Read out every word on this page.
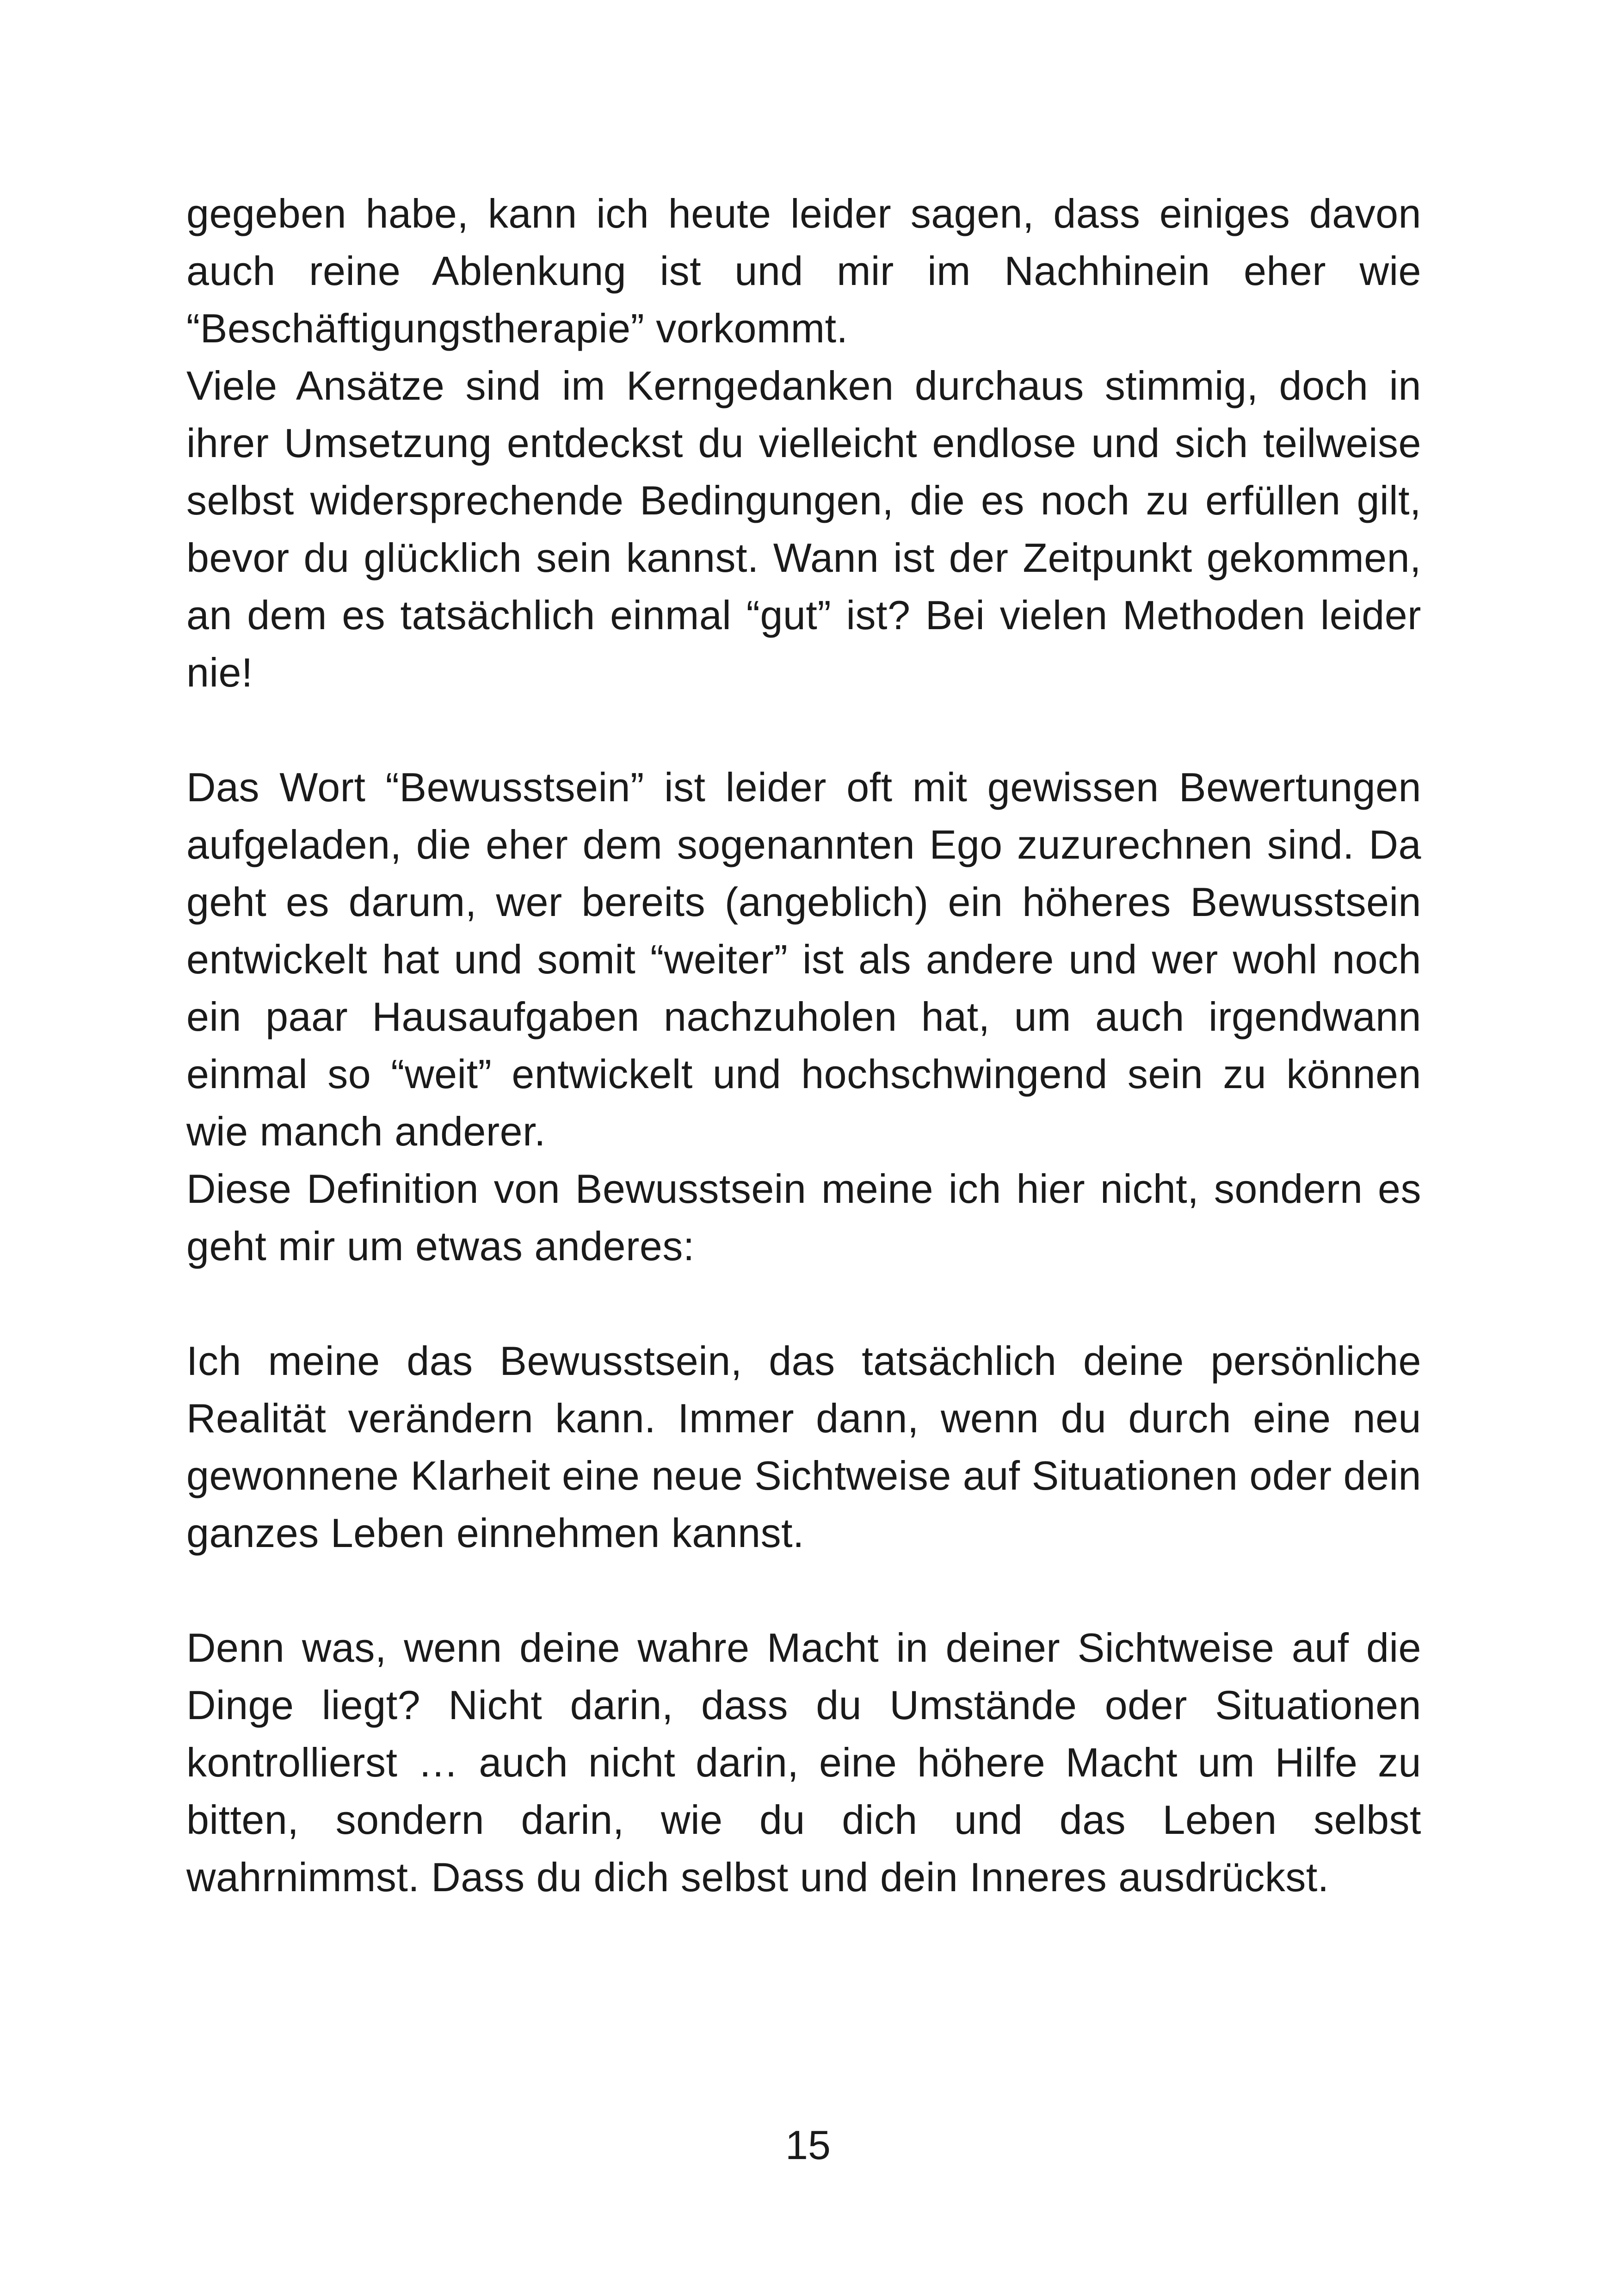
gegeben habe, kann ich heute leider sagen, dass einiges davon auch reine Ablenkung ist und mir im Nachhinein eher wie “Beschäftigungstherapie” vorkommt.

Viele Ansätze sind im Kerngedanken durchaus stimmig, doch in ihrer Umsetzung entdeckst du vielleicht endlose und sich teilweise selbst widersprechende Bedingungen, die es noch zu erfüllen gilt, bevor du glücklich sein kannst. Wann ist der Zeitpunkt gekommen, an dem es tatsächlich einmal “gut” ist? Bei vielen Methoden leider nie!

Das Wort “Bewusstsein” ist leider oft mit gewissen Bewertungen aufgeladen, die eher dem sogenannten Ego zuzurechnen sind. Da geht es darum, wer bereits (angeblich) ein höheres Bewusstsein entwickelt hat und somit “weiter” ist als andere und wer wohl noch ein paar Hausaufgaben nachzuholen hat, um auch irgendwann einmal so “weit” entwickelt und hochschwingend sein zu können wie manch anderer.

Diese Definition von Bewusstsein meine ich hier nicht, sondern es geht mir um etwas anderes:

Ich meine das Bewusstsein, das tatsächlich deine persönliche Realität verändern kann. Immer dann, wenn du durch eine neu gewonnene Klarheit eine neue Sichtweise auf Situationen oder dein ganzes Leben einnehmen kannst.

Denn was, wenn deine wahre Macht in deiner Sichtweise auf die Dinge liegt? Nicht darin, dass du Umstände oder Situationen kontrollierst … auch nicht darin, eine höhere Macht um Hilfe zu bitten, sondern darin, wie du dich und das Leben selbst wahrnimmst. Dass du dich selbst und dein Inneres ausdrückst.

15
